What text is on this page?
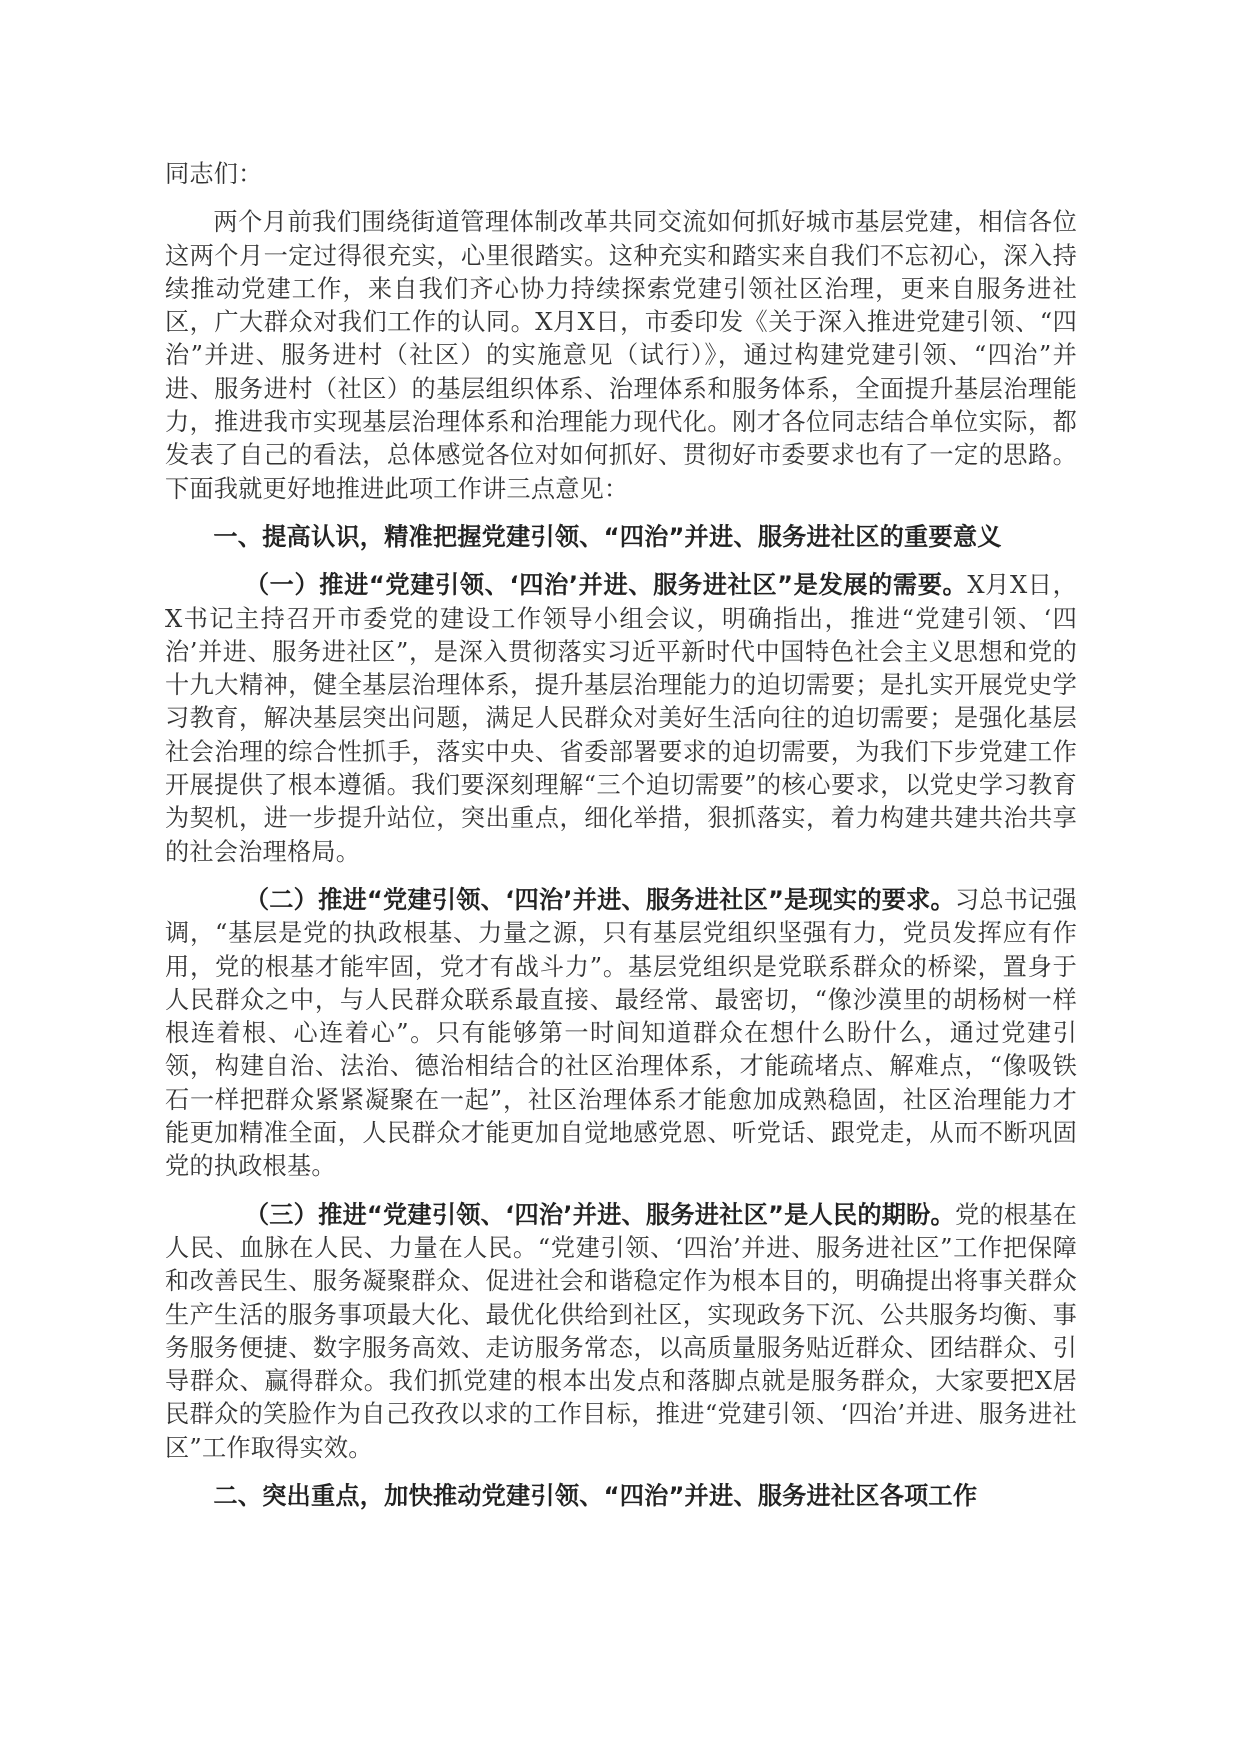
同志们：

两个月前我们围绕街道管理体制改革共同交流如何抓好城市基层党建，相信各位这两个月一定过得很充实，心里很踏实。这种充实和踏实来自我们不忘初心，深入持续推动党建工作，来自我们齐心协力持续探索党建引领社区治理，更来自服务进社区，广大群众对我们工作的认同。X月X日，市委印发《关于深入推进党建引领、“四治”并进、服务进村（社区）的实施意见（试行）》，通过构建党建引领、“四治”并进、服务进村（社区）的基层组织体系、治理体系和服务体系，全面提升基层治理能力，推进我市实现基层治理体系和治理能力现代化。刚才各位同志结合单位实际，都发表了自己的看法，总体感觉各位对如何抓好、贯彻好市委要求也有了一定的思路。下面我就更好地推进此项工作讲三点意见：

一、提高认识，精准把握党建引领、“四治”并进、服务进社区的重要意义

（一）推进“党建引领、‘四治’并进、服务进社区”是发展的需要。X月X日，X书记主持召开市委党的建设工作领导小组会议，明确指出，推进“党建引领、‘四治’并进、服务进社区”，是深入贯彻落实习近平新时代中国特色社会主义思想和党的十九大精神，健全基层治理体系，提升基层治理能力的迫切需要；是扎实开展党史学习教育，解决基层突出问题，满足人民群众对美好生活向往的迫切需要；是强化基层社会治理的综合性抓手，落实中央、省委部署要求的迫切需要，为我们下步党建工作开展提供了根本遵循。我们要深刻理解“三个迫切需要”的核心要求，以党史学习教育为契机，进一步提升站位，突出重点，细化举措，狠抓落实，着力构建共建共治共享的社会治理格局。

（二）推进“党建引领、‘四治’并进、服务进社区”是现实的要求。习总书记强调，“基层是党的执政根基、力量之源，只有基层党组织坚强有力，党员发挥应有作用，党的根基才能牢固，党才有战斗力”。基层党组织是党联系群众的桥梁，置身于人民群众之中，与人民群众联系最直接、最经常、最密切，“像沙漠里的胡杨树一样根连着根、心连着心”。只有能够第一时间知道群众在想什么盼什么，通过党建引领，构建自治、法治、德治相结合的社区治理体系，才能疏堵点、解难点，“像吸铁石一样把群众紧紧凝聚在一起”，社区治理体系才能愈加成熟稳固，社区治理能力才能更加精准全面，人民群众才能更加自觉地感党恩、听党话、跟党走，从而不断巩固党的执政根基。

（三）推进“党建引领、‘四治’并进、服务进社区”是人民的期盼。党的根基在人民、血脉在人民、力量在人民。“党建引领、‘四治’并进、服务进社区”工作把保障和改善民生、服务凝聚群众、促进社会和谐稳定作为根本目的，明确提出将事关群众生产生活的服务事项最大化、最优化供给到社区，实现政务下沉、公共服务均衡、事务服务便捷、数字服务高效、走访服务常态，以高质量服务贴近群众、团结群众、引导群众、赢得群众。我们抓党建的根本出发点和落脚点就是服务群众，大家要把X居民群众的笑脸作为自己孜孜以求的工作目标，推进“党建引领、‘四治’并进、服务进社区”工作取得实效。

二、突出重点，加快推动党建引领、“四治”并进、服务进社区各项工作
